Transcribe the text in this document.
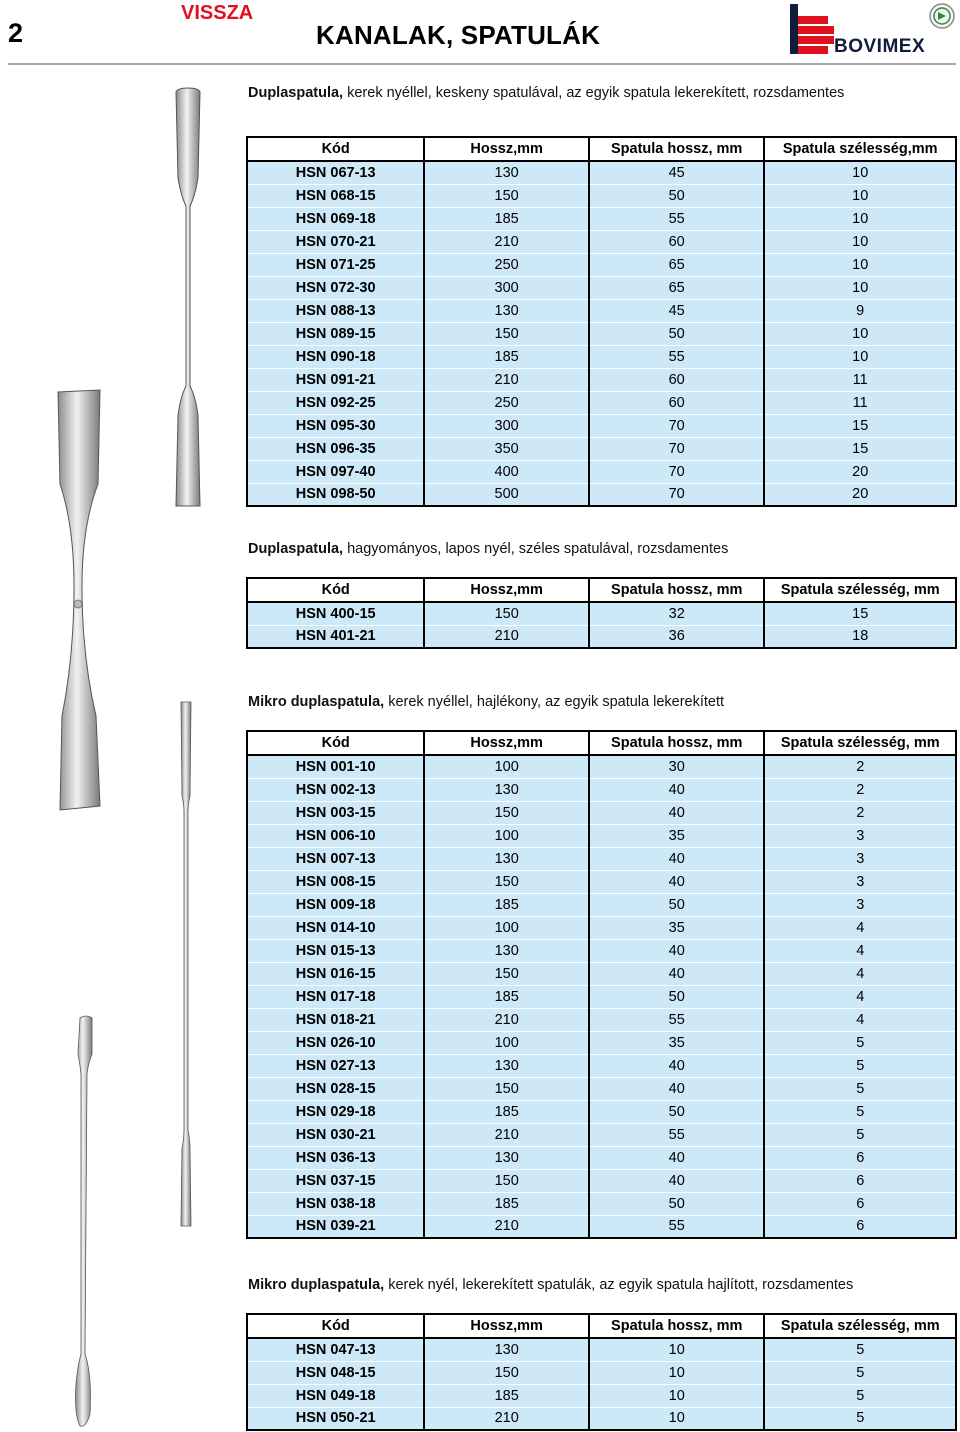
2
VISSZA
KANALAK, SPATULÁK	BOVIMEX
Duplaspatula, kerek nyéllel, keskeny spatulával, az egyik spatula lekerekített, rozsdamentes
Kód	Hossz,mm	Spatula hossz, mm	Spatula szélesség,mm
HSN 067-13	130	45	10
HSN 068-15	150	50	10
HSN 069-18	185	55	10
HSN 070-21	210	60	10
HSN 071-25	250	65	10
HSN 072-30	300	65	10
HSN 088-13	130	45	9
HSN 089-15	150	50	10
HSN 090-18	185	55	10
HSN 091-21	210	60	11
HSN 092-25	250	60	11
HSN 095-30	300	70	15
HSN 096-35	350	70	15
HSN 097-40	400	70	20
HSN 098-50	500	70	20
Duplaspatula, hagyományos, lapos nyél, széles spatulával, rozsdamentes
Kód	Hossz,mm	Spatula hossz, mm	Spatula szélesség, mm
HSN 400-15	150	32	15
HSN 401-21	210	36	18
Mikro duplaspatula, kerek nyéllel, hajlékony, az egyik spatula lekerekített
Kód	Hossz,mm	Spatula hossz, mm	Spatula szélesség, mm
HSN 001-10	100	30	2
HSN 002-13	130	40	2
HSN 003-15	150	40	2
HSN 006-10	100	35	3
HSN 007-13	130	40	3
HSN 008-15	150	40	3
HSN 009-18	185	50	3
HSN 014-10	100	35	4
HSN 015-13	130	40	4
HSN 016-15	150	40	4
HSN 017-18	185	50	4
HSN 018-21	210	55	4
HSN 026-10	100	35	5
HSN 027-13	130	40	5
HSN 028-15	150	40	5
HSN 029-18	185	50	5
HSN 030-21	210	55	5
HSN 036-13	130	40	6
HSN 037-15	150	40	6
HSN 038-18	185	50	6
HSN 039-21	210	55	6
Mikro duplaspatula, kerek nyél, lekerekített spatulák, az egyik spatula hajlított, rozsdamentes
Kód	Hossz,mm	Spatula hossz, mm	Spatula szélesség, mm
HSN 047-13	130	10	5
HSN 048-15	150	10	5
HSN 049-18	185	10	5
HSN 050-21	210	10	5
